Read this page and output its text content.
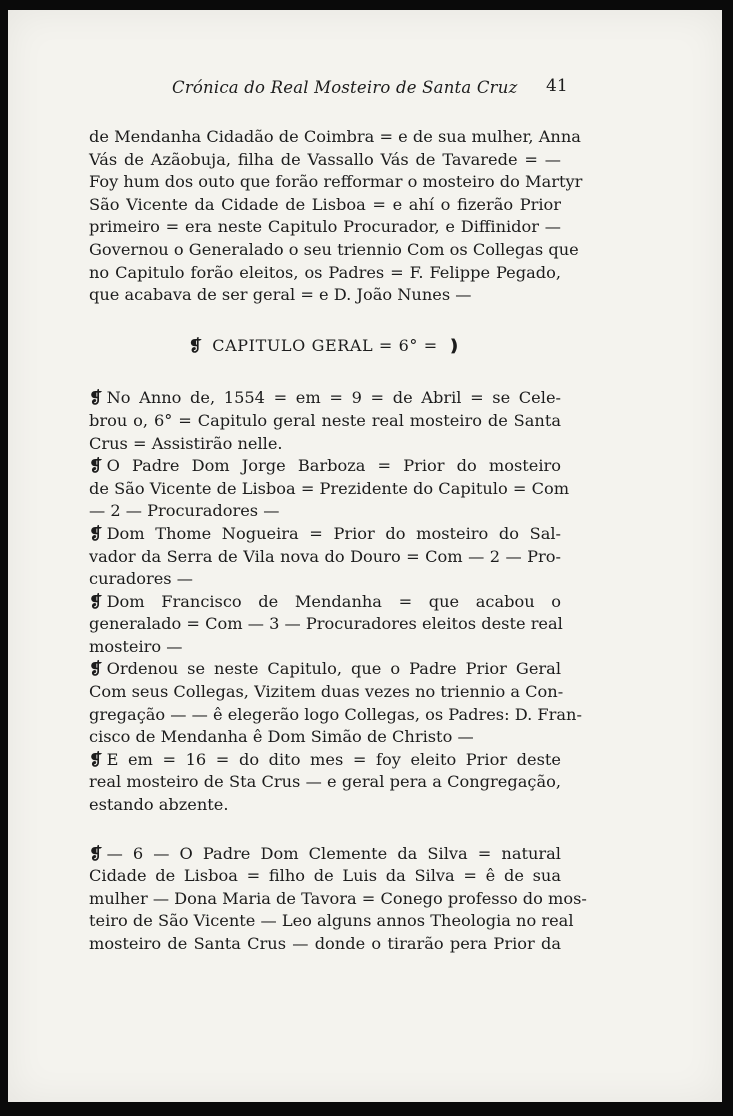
Crónica do Real Mosteiro de Santa Cruz 41
de Mendanha Cidadão de Coimbra = e de sua mulher, Anna
Vás de Azãobuja, filha de Vassallo Vás de Tavarede = —
Foy hum dos outo que forão refformar o mosteiro do Martyr
São Vicente da Cidade de Lisboa = e ahí o fizerão Prior
primeiro = era neste Capitulo Procurador, e Diffinidor —
Governou o Generalado o seu triennio Com os Collegas que
no Capitulo forão eleitos, os Padres = F. Felippe Pegado,
que acabava de ser geral = e D. João Nunes —
❡ CAPITULO GERAL = 6° = ❫
❡ No Anno de, 1554 = em = 9 = de Abril = se Cele-
brou o, 6° = Capitulo geral neste real mosteiro de Santa
Crus = Assistirão nelle.
❡ O Padre Dom Jorge Barboza = Prior do mosteiro
de São Vicente de Lisboa = Prezidente do Capitulo = Com
— 2 — Procuradores —
❡ Dom Thome Nogueira = Prior do mosteiro do Sal-
vador da Serra de Vila nova do Douro = Com — 2 — Pro-
curadores —
❡ Dom Francisco de Mendanha = que acabou o
generalado = Com — 3 — Procuradores eleitos deste real
mosteiro —
❡ Ordenou se neste Capitulo, que o Padre Prior Geral
Com seus Collegas, Vizitem duas vezes no triennio a Con-
gregação — — ê elegerão logo Collegas, os Padres: D. Fran-
cisco de Mendanha ê Dom Simão de Christo —
❡ E em = 16 = do dito mes = foy eleito Prior deste
real mosteiro de Sta Crus — e geral pera a Congregação,
estando abzente.
❡ — 6 — O Padre Dom Clemente da Silva = natural
Cidade de Lisboa = filho de Luis da Silva = ê de sua
mulher — Dona Maria de Tavora = Conego professo do mos-
teiro de São Vicente — Leo alguns annos Theologia no real
mosteiro de Santa Crus — donde o tirarão pera Prior da
